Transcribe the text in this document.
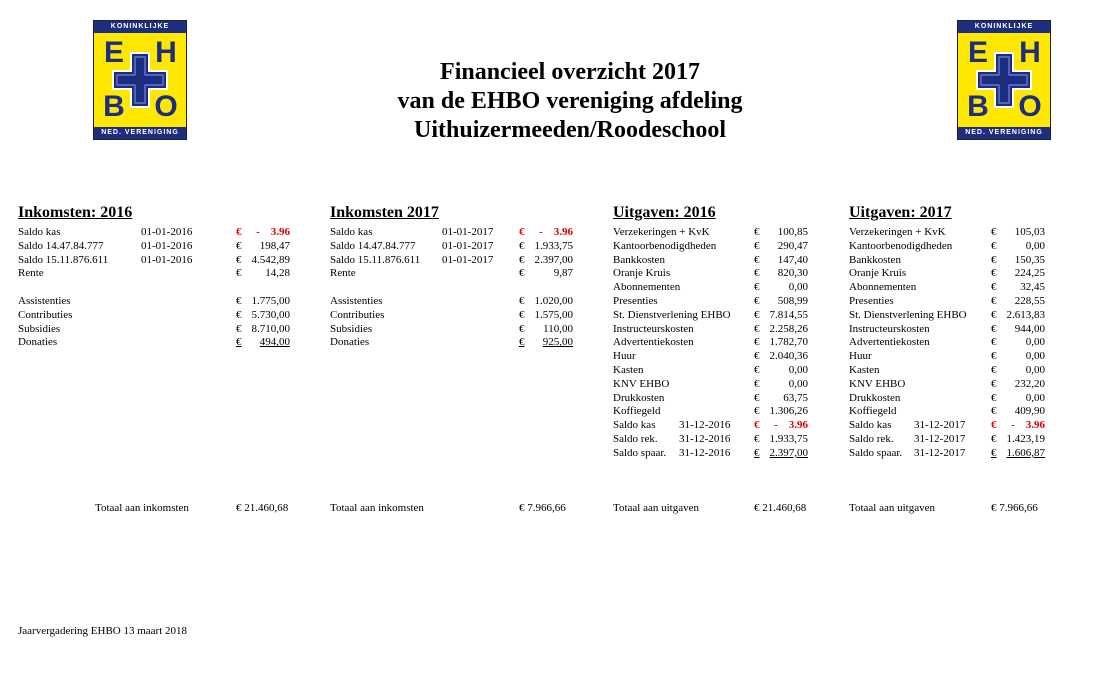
KONINKLIJKE
E H
B O
NED. VERENIGING
KONINKLIJKE
E H
B O
NED. VERENIGING
Financieel overzicht 2017
van de EHBO vereniging afdeling
Uithuizermeeden/Roodeschool
Inkomsten: 2016	Inkomsten 2017	Uitgaven: 2016	Uitgaven: 2017
Saldo kas	01-01-2016	€ -    3.96
Saldo 14.47.84.777	01-01-2016	€ 198,47
Saldo 15.11.876.611	01-01-2016	€ 4.542,89
Rente	€ 14,28
Assistenties	€ 1.775,00
Contributies	€ 5.730,00
Subsidies	€ 8.710,00
Donaties	€ 494,00
Saldo kas	01-01-2017 € -    3.96
Saldo 14.47.84.777 01-01-2017 € 1.933,75
Saldo 15.11.876.611 01-01-2017 € 2.397,00
Rente	€	9,87
Assistenties	€ 1.020,00
Contributies	€ 1.575,00
Subsidies	€ 110,00
Donaties	€ 925,00
Verzekeringen + KvK	€ 100,85
Kantoorbenodigdheden	€ 290,47
Bankkosten	€ 147,40
Oranje Kruis	€ 820,30
Abonnementen	€	0,00
Presenties	€ 508,99
St. Dienstverlening EHBO € 7.814,55
Instructeurskosten	€ 2.258,26
Advertentiekosten	€ 1.782,70
Huur	€ 2.040,36
Kasten	€	0,00
KNV EHBO	€	0,00
Drukkosten	€ 63,75
Koffiegeld	€ 1.306,26
Saldo kas 31-12-2016 € -    3.96
Saldo rek. 31-12-2016 € 1.933,75
Saldo spaar. 31-12-2016 € 2.397,00
Verzekeringen + KvK	€ 105,03
Kantoorbenodigdheden	€	0,00
Bankkosten	€ 150,35
Oranje Kruis	€ 224,25
Abonnementen	€ 32,45
Presenties	€ 228,55
St. Dienstverlening EHBO € 2.613,83
Instructeurskosten	€ 944,00
Advertentiekosten	€	0,00
Huur	€	0,00
Kasten	€	0,00
KNV EHBO	€ 232,20
Drukkosten	€	0,00
Koffiegeld	€ 409,90
Saldo kas 31-12-2017 € -    3.96
Saldo rek. 31-12-2017 € 1.423,19
Saldo spaar. 31-12-2017 € 1.606,87
Totaal aan inkomsten	€ 21.460,68	Totaal aan inkomsten	€ 7.966,66	Totaal aan uitgaven	€ 21.460,68	Totaal aan uitgaven	€ 7.966,66
Jaarvergadering EHBO 13 maart 2018
